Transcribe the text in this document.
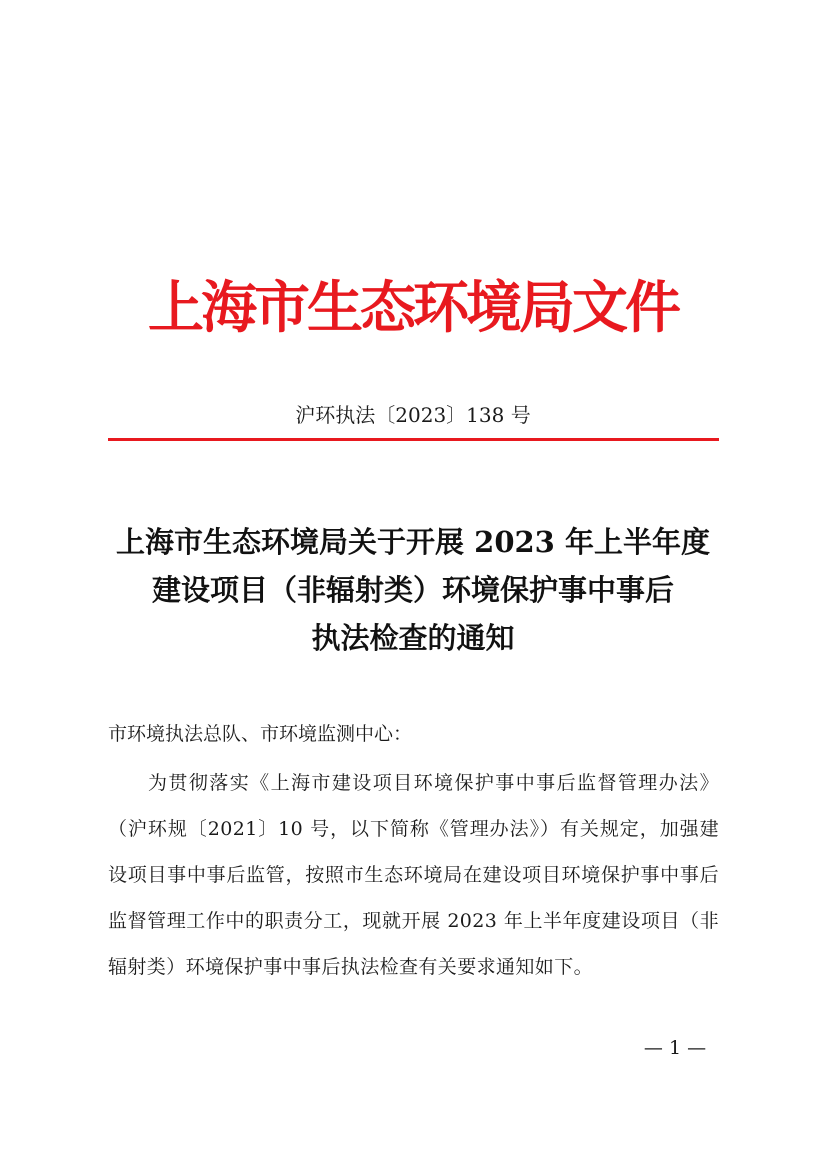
上海市生态环境局文件
沪环执法〔2023〕138 号
上海市生态环境局关于开展 2023 年上半年度
建设项目（非辐射类）环境保护事中事后
执法检查的通知
市环境执法总队、市环境监测中心：
为贯彻落实《上海市建设项目环境保护事中事后监督管理办法》（沪环规〔2021〕10 号，以下简称《管理办法》）有关规定，加强建设项目事中事后监管，按照市生态环境局在建设项目环境保护事中事后监督管理工作中的职责分工，现就开展 2023 年上半年度建设项目（非辐射类）环境保护事中事后执法检查有关要求通知如下。
— 1 —
